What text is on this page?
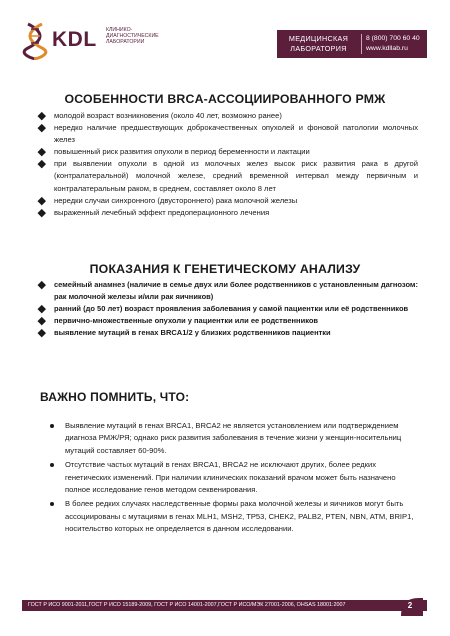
KDL КЛИНИКО-
ДИАГНОСТИЧЕСКИЕ
ЛАБОРАТОРИИ	МЕДИЦИНСКАЯ
ЛАБОРАТОРИЯ
8 (800) 700 60 40
www.kdllab.ru
ОСОБЕННОСТИ BRCA-АССОЦИИРОВАННОГО РМЖ
молодой возраст возникновения (около 40 лет, возможно ранее)
нередко наличие предшествующих доброкачественных опухолей и фоновой патологии молочных желез
повышенный риск развития опухоли в период беременности и лактации
при выявлении опухоли в одной из молочных желез высок риск развития рака в другой (контралатеральной) молочной железе, средний временной интервал между первичным и контралатеральным раком, в среднем, составляет около 8 лет
нередки случаи синхронного (двустороннего) рака молочной железы
выраженный лечебный эффект предоперационного лечения
ПОКАЗАНИЯ К ГЕНЕТИЧЕСКОМУ АНАЛИЗУ
семейный анамнез (наличие в семье двух или более родственников с установленным дагнозом: рак молочной железы и/или рак яичников)
ранний (до 50 лет) возраст проявления заболевания у самой пациентки или её родственников
первично-множественные опухоли у пациентки или ее родственников
выявление мутаций в генах BRCA1/2 у близких родственников пациентки
ВАЖНО ПОМНИТЬ, ЧТО:
Выявление мутаций в генах BRCA1, BRCA2 не является установлением или подтверждением диагноза РМЖ/РЯ; однако риск развития заболевания в течение жизни у женщин-носительниц мутаций составляет 60-90%.
Отсутствие частых мутаций в генах BRCA1, BRCA2 не исключают других, более редких генетических изменений. При наличии клинических показаний врачом может быть назначено полное исследование генов методом секвенирования.
В более редких случаях наследственные формы рака молочной железы и яичников могут быть ассоциированы с мутациями в генах MLH1, MSH2, TP53, CHEK2, PALB2, PTEN, NBN, ATM, BRIP1, носительство которых не определяется в данном исследовании.
ГОСТ Р ИСО 9001-2011,ГОСТ Р ИСО 15189-2009, ГОСТ Р ИСО 14001-2007,ГОСТ Р ИСО/МЭК 27001-2006, OHSAS 18001:2007	2
